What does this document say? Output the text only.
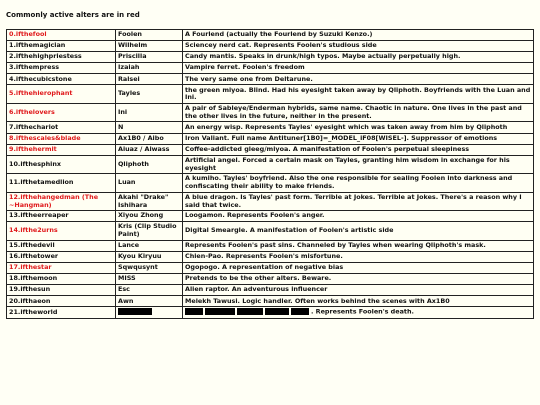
Commonly active alters are in red
0.ifthefool	Foolen	A Fourlend (actually the Fourlend by Suzuki Kenzo.)
1.ifthemagician	Wilhelm	Sciencey nerd cat. Represents Foolen's studious side
2.ifthehighpriestess	Priscilla	Candy mantis. Speaks in drunk/high typos. Maybe actually perpetually high.
3.ifthempress	Izaiah	Vampire ferret. Foolen's freedom
4.ifthecubicstone	Ralsei	The very same one from Deltarune.
5.ifthehierophant	Tayles	the green miyoa. Blind. Had his eyesight taken away by Qliphoth. Boyfriends with the Luan and Ini.
6.ifthelovers	Ini	A pair of Sableye/Enderman hybrids, same name. Chaotic in nature. One lives in the past and the other lives in the future, neither in the present.
7.ifthechariot	N	An energy wisp. Represents Tayles' eyesight which was taken away from him by Qliphoth
8.ifthescales&blade	Ax1B0 / Aibo	Iron Valiant. Full name Antituner[1B0]=_MODEL_iF08[WISEL-]. Suppressor of emotions
9.ifthehermit	Aiuaz / Aiwass	Coffee-addicted gleeg/miyoa. A manifestation of Foolen's perpetual sleepiness
10.ifthesphinx	Qliphoth	Artificial angel. Forced a certain mask on Tayles, granting him wisdom in exchange for his eyesight
11.ifthetamedlion	Luan	A kumiho. Tayles' boyfriend. Also the one responsible for sealing Foolen into darkness and confiscating their ability to make friends.
12.ifthehangedman (The ~Hangman)	Akahi "Drake" Ishihara	A blue dragon. Is Tayles' past form. Terrible at Jokes. Terrible at Jokes. There's a reason why I said that twice.
13.iftheerreaper	Xiyou Zhong	Loogamon. Represents Foolen's anger.
14.ifthe2urns	Kris (Clip Studio Paint)	Digital Smeargle. A manifestation of Foolen's artistic side
15.ifthedevil	Lance	Represents Foolen's past sins. Channeled by Tayles when wearing Qliphoth's mask.
16.ifthetower	Kyou Kiryuu	Chien-Pao. Represents Foolen's misfortune.
17.ifthestar	Sqwqusynt	Ogopogo. A representation of negative bias
18.ifthemoon	MISS	Pretends to be the other alters. Beware.
19.ifthesun	Esc	Alien raptor. An adventurous influencer
20.ifthaeon	Awn	Melekh Tawusi. Logic handler. Often works behind the scenes with Ax1B0
21.iftheworld		. Represents Foolen's death.
